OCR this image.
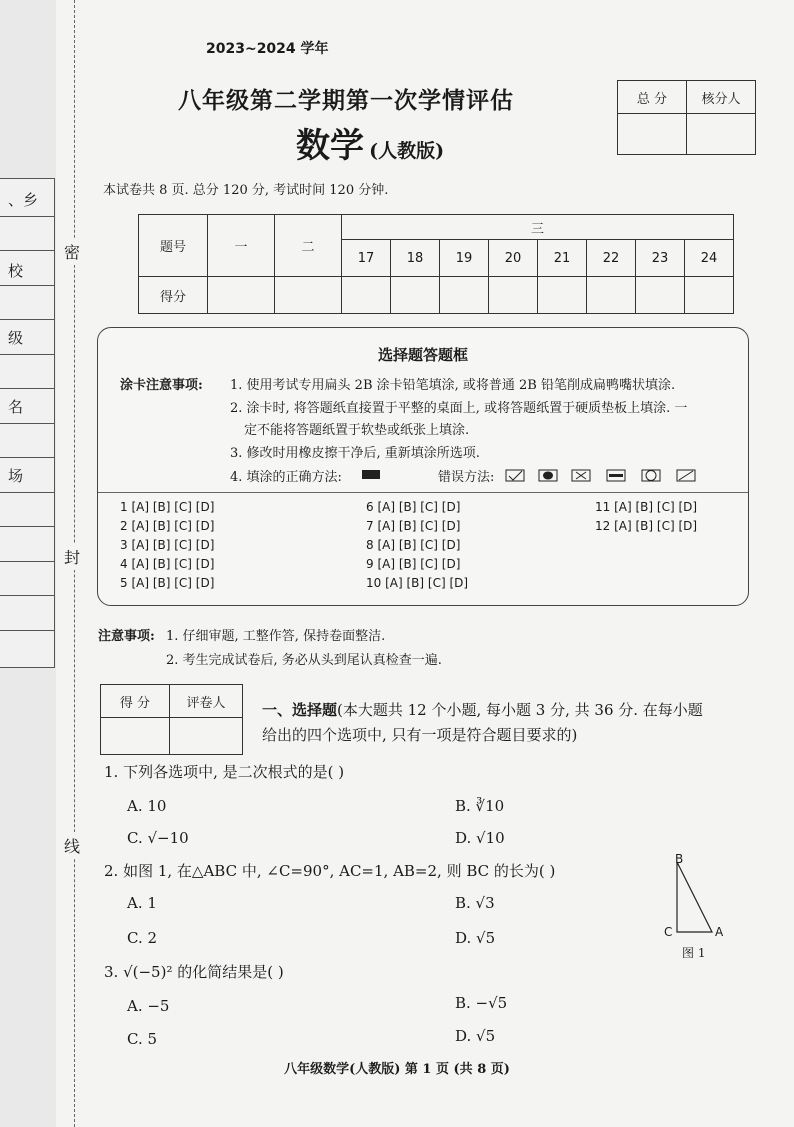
、乡
校
级
名
场
密
封
线
2023~2024 学年
八年级第二学期第一次学情评估
数学 (人教版)
总 分	核分人

本试卷共 8 页. 总分 120 分, 考试时间 120 分钟.
题号	一	二	三							
			17	18	19	20	21	22	23	24
得分										
选择题答题框
涂卡注意事项: 1. 使用考试专用扁头 2B 涂卡铅笔填涂, 或将普通 2B 铅笔削成扁鸭嘴状填涂.
2. 涂卡时, 将答题纸直接置于平整的桌面上, 或将答题纸置于硬质垫板上填涂. 一
定不能将答题纸置于软垫或纸张上填涂.
3. 修改时用橡皮擦干净后, 重新填涂所选项.
4. 填涂的正确方法:	错误方法:
1 [A] [B] [C] [D]
2 [A] [B] [C] [D]
3 [A] [B] [C] [D]
4 [A] [B] [C] [D]
5 [A] [B] [C] [D]
6 [A] [B] [C] [D]
7 [A] [B] [C] [D]
8 [A] [B] [C] [D]
9 [A] [B] [C] [D]
10 [A] [B] [C] [D]
11 [A] [B] [C] [D]
12 [A] [B] [C] [D]
注意事项: 1. 仔细审题, 工整作答, 保持卷面整洁.
2. 考生完成试卷后, 务必从头到尾认真检查一遍.
得 分	评卷人
	一、选择题(本大题共 12 个小题, 每小题 3 分, 共 36 分. 在每小题
给出的四个选项中, 只有一项是符合题目要求的)
1. 下列各选项中, 是二次根式的是( )
A. 10	B. ∛10
C. √−10	D. √10
2. 如图 1, 在△ABC 中, ∠C=90°, AC=1, AB=2, 则 BC 的长为( )
A. 1	B. √3
C. 2	D. √5
B
C	A
图 1
3. √(−5)² 的化简结果是( )
A. −5	B. −√5
C. 5	D. √5
八年级数学(人教版) 第 1 页 (共 8 页)
